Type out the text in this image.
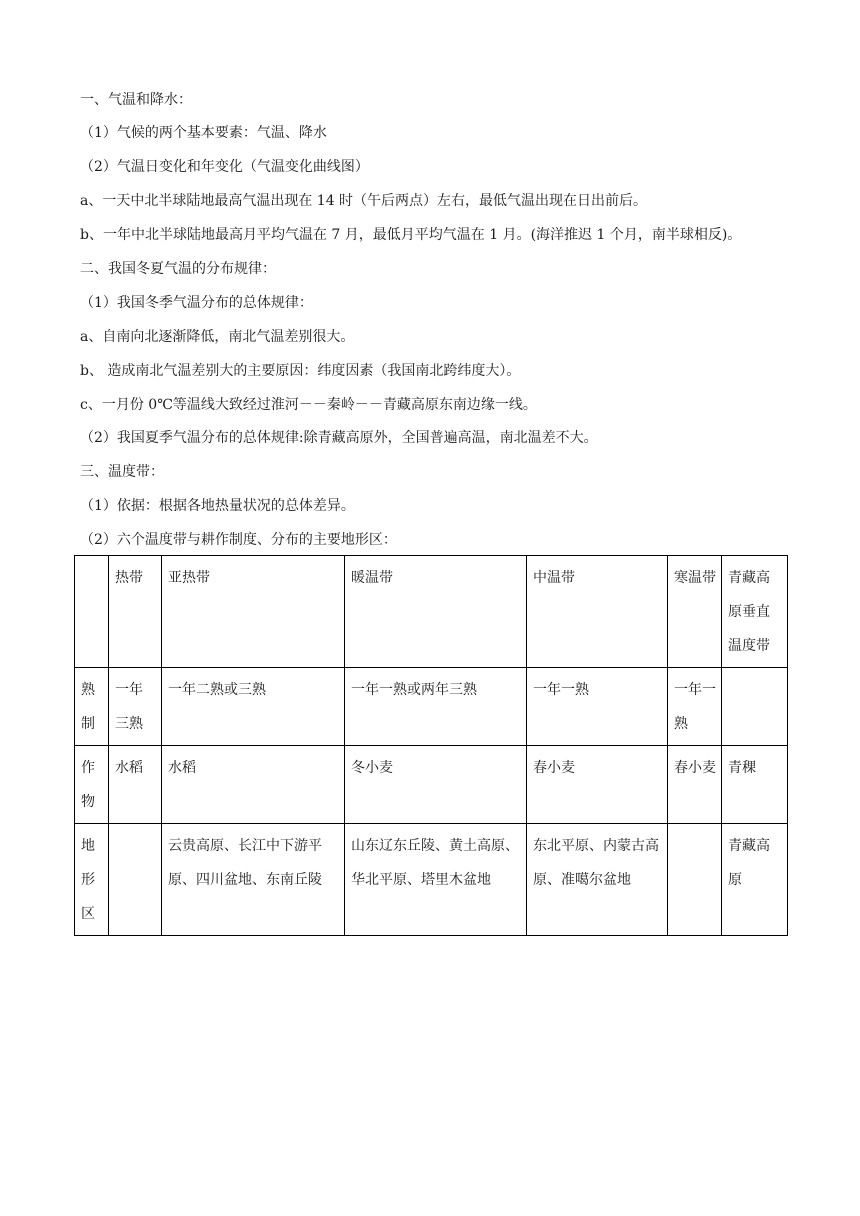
一、气温和降水：
（1）气候的两个基本要素：气温、降水
（2）气温日变化和年变化（气温变化曲线图）
a、一天中北半球陆地最高气温出现在 14 时（午后两点）左右，最低气温出现在日出前后。
b、一年中北半球陆地最高月平均气温在 7 月，最低月平均气温在 1 月。(海洋推迟 1 个月，南半球相反)。
二、我国冬夏气温的分布规律：
（1）我国冬季气温分布的总体规律：
a、自南向北逐渐降低，南北气温差别很大。
b、 造成南北气温差别大的主要原因：纬度因素（我国南北跨纬度大）。
c、一月份 0℃等温线大致经过淮河－－秦岭－－青藏高原东南边缘一线。
（2）我国夏季气温分布的总体规律:除青藏高原外，全国普遍高温，南北温差不大。
三、温度带：
（1）依据：根据各地热量状况的总体差异。
（2）六个温度带与耕作制度、分布的主要地形区：
	热带	亚热带	暖温带	中温带	寒温带	青藏高原垂直温度带
熟制	一年三熟	一年二熟或三熟	一年一熟或两年三熟	一年一熟	一年一熟	
作物	水稻	水稻	冬小麦	春小麦	春小麦	青稞
地形区		云贵高原、长江中下游平原、四川盆地、东南丘陵	山东辽东丘陵、黄土高原、华北平原、塔里木盆地	东北平原、内蒙古高原、准噶尔盆地		青藏高原
